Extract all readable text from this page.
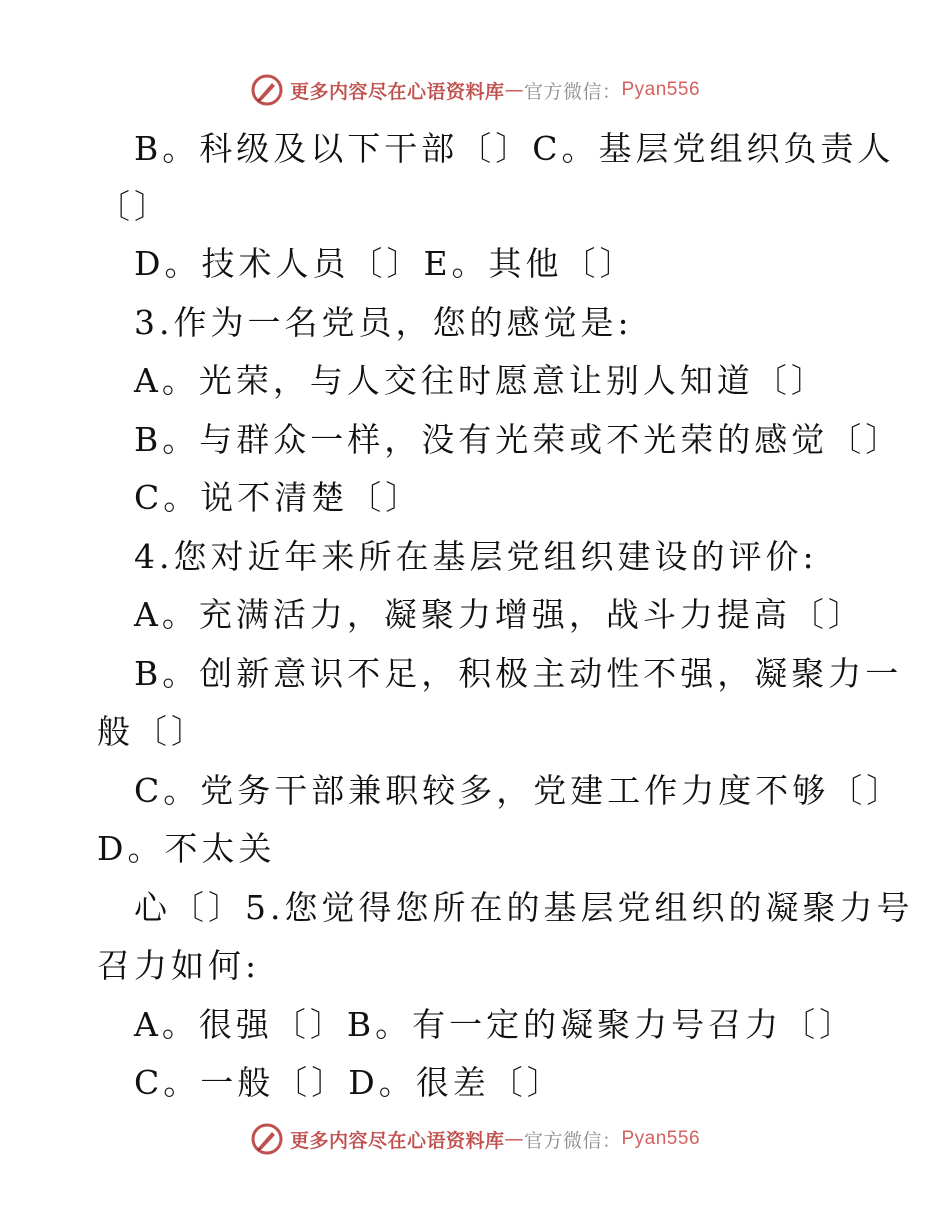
更多内容尽在心语资料库 — 官方微信： Pyan556
B。科级及以下干部〔〕C。基层党组织负责人
〔〕
D。技术人员〔〕E。其他〔〕
3.作为一名党员，您的感觉是:
A。光荣，与人交往时愿意让别人知道〔〕
B。与群众一样，没有光荣或不光荣的感觉〔〕
C。说不清楚〔〕
4.您对近年来所在基层党组织建设的评价:
A。充满活力，凝聚力增强，战斗力提高〔〕
B。创新意识不足，积极主动性不强，凝聚力一
般〔〕
C。党务干部兼职较多，党建工作力度不够〔〕
D。不太关
心〔〕5.您觉得您所在的基层党组织的凝聚力号
召力如何:
A。很强〔〕B。有一定的凝聚力号召力〔〕
C。一般〔〕D。很差〔〕
更多内容尽在心语资料库 — 官方微信： Pyan556
